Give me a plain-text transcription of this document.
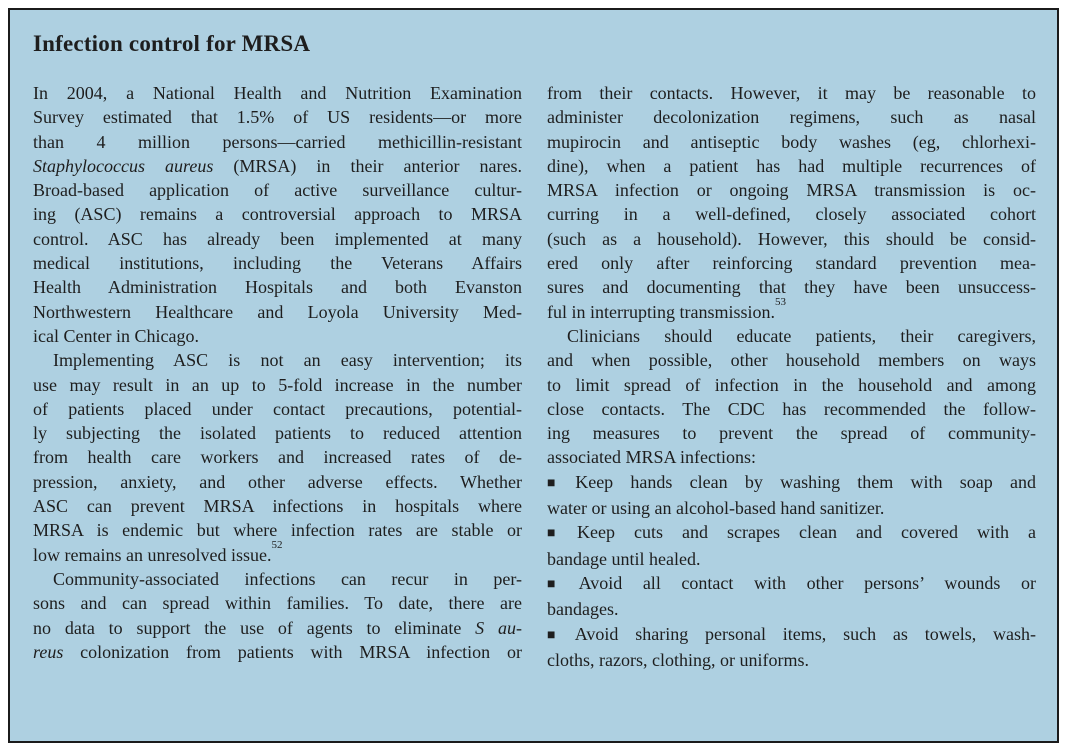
Infection control for MRSA
In 2004, a National Health and Nutrition Examination
Survey estimated that 1.5% of US residents—or more
than 4 million persons—carried methicillin-resistant
Staphylococcus aureus (MRSA) in their anterior nares.
Broad-based application of active surveillance cultur-
ing (ASC) remains a controversial approach to MRSA
control. ASC has already been implemented at many
medical institutions, including the Veterans Affairs
Health Administration Hospitals and both Evanston
Northwestern Healthcare and Loyola University Med-
ical Center in Chicago.
Implementing ASC is not an easy intervention; its
use may result in an up to 5-fold increase in the number
of patients placed under contact precautions, potential-
ly subjecting the isolated patients to reduced attention
from health care workers and increased rates of de-
pression, anxiety, and other adverse effects. Whether
ASC can prevent MRSA infections in hospitals where
MRSA is endemic but where infection rates are stable or
low remains an unresolved issue.$^{52}$
Community-associated infections can recur in per-
sons and can spread within families. To date, there are
no data to support the use of agents to eliminate S au-
reus colonization from patients with MRSA infection or
from their contacts. However, it may be reasonable to
administer decolonization regimens, such as nasal
mupirocin and antiseptic body washes (eg, chlorhexi-
dine), when a patient has had multiple recurrences of
MRSA infection or ongoing MRSA transmission is oc-
curring in a well-defined, closely associated cohort
(such as a household). However, this should be consid-
ered only after reinforcing standard prevention mea-
sures and documenting that they have been unsuccess-
ful in interrupting transmission.$^{53}$
Clinicians should educate patients, their caregivers,
and when possible, other household members on ways
to limit spread of infection in the household and among
close contacts. The CDC has recommended the follow-
ing measures to prevent the spread of community-
associated MRSA infections:
■ Keep hands clean by washing them with soap and
water or using an alcohol-based hand sanitizer.
■ Keep cuts and scrapes clean and covered with a
bandage until healed.
■ Avoid all contact with other persons’ wounds or
bandages.
■ Avoid sharing personal items, such as towels, wash-
cloths, razors, clothing, or uniforms.
